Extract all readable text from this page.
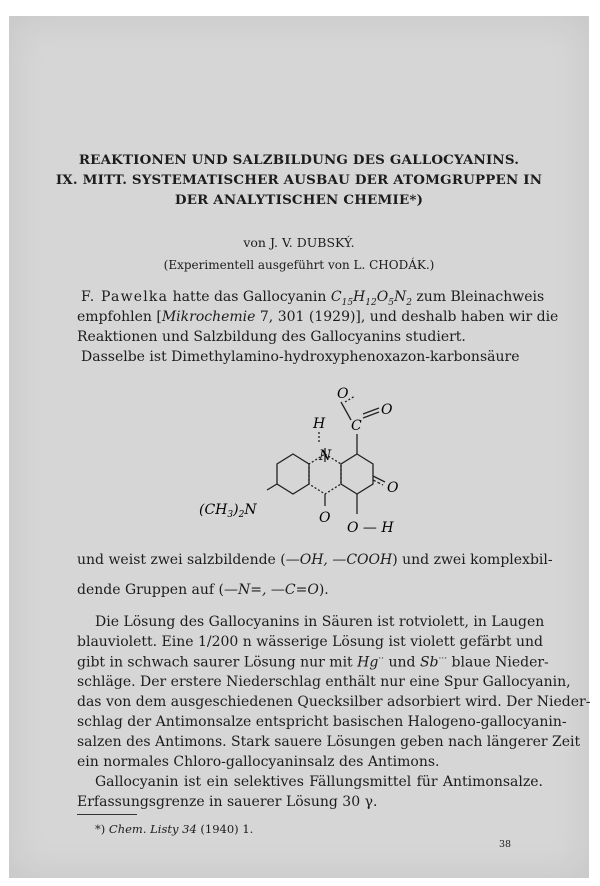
REAKTIONEN UND SALZBILDUNG DES GALLOCYANINS.
IX. MITT. SYSTEMATISCHER AUSBAU DER ATOMGRUPPEN IN
DER ANALYTISCHEN CHEMIE*)
von J. V. DUBSKÝ.
(Experimentell ausgeführt von L. CHODÁK.)
F. Pawelka hatte das Gallocyanin $C_{15}H_{12}O_5N_2$ zum Bleinachweis
empfohlen [Mikrochemie 7, 301 (1929)], und deshalb haben wir die
Reaktionen und Salzbildung des Gallocyanins studiert.
Dasselbe ist Dimethylamino-hydroxyphenoxazon-karbonsäure
O
O
H C
N
$(CH_3)_2N$	O
O
O — H
und weist zwei salzbildende (—OH, —COOH) und zwei komplexbil-
dende Gruppen auf (—N=, —C=O).
Die Lösung des Gallocyanins in Säuren ist rotviolett, in Laugen
blauviolett. Eine 1/200 n wässerige Lösung ist violett gefärbt und
gibt in schwach saurer Lösung nur mit Hg·· und Sb··· blaue Nieder-
schläge. Der erstere Niederschlag enthält nur eine Spur Gallocyanin,
das von dem ausgeschiedenen Quecksilber adsorbiert wird. Der Nieder-
schlag der Antimonsalze entspricht basischen Halogeno-gallocyanin-
salzen des Antimons. Stark sauere Lösungen geben nach längerer Zeit
ein normales Chloro-gallocyaninsalz des Antimons.
Gallocyanin ist ein selektives Fällungsmittel für Antimonsalze.
Erfassungsgrenze in sauerer Lösung 30 γ.
*) Chem. Listy 34 (1940) 1.
38
